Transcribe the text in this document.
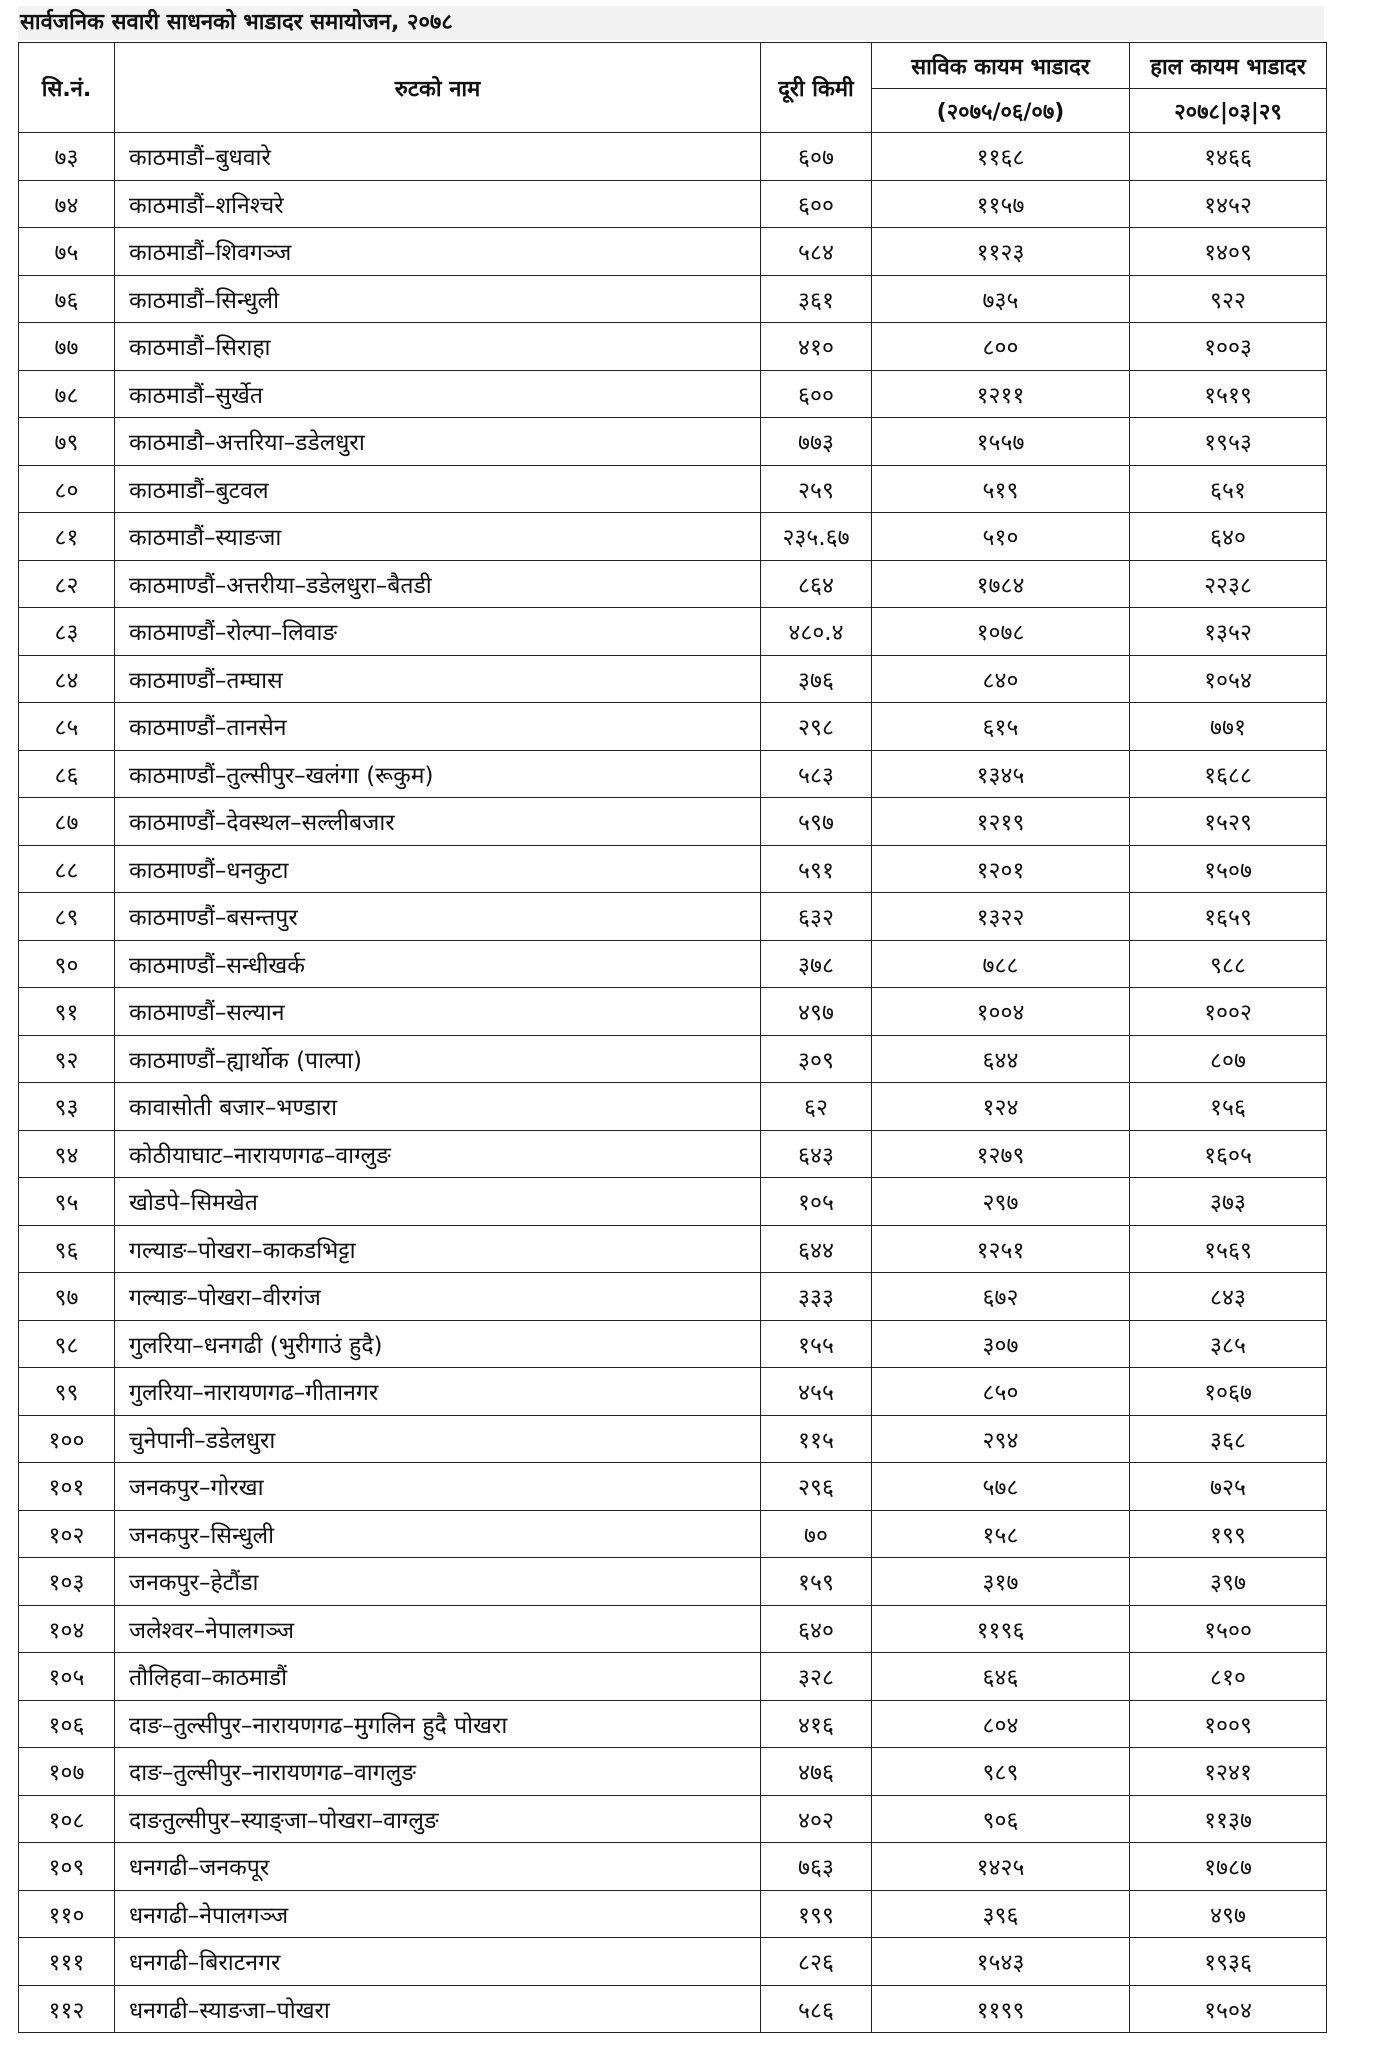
सार्वजनिक सवारी साधनको भाडादर समायोजन, २०७८
सि.नं.	रुटको नाम	दूरी किमी	साविक कायम भाडादर	हाल कायम भाडादर
			(२०७५/०६/०७)	२०७८|०३|२९
७३	काठमाडौं–बुधवारे	६०७	११६८	१४६६
७४	काठमाडौं–शनिश्चरे	६००	११५७	१४५२
७५	काठमाडौं–शिवगञ्ज	५८४	११२३	१४०९
७६	काठमाडौं–सिन्धुली	३६१	७३५	९२२
७७	काठमाडौं–सिराहा	४१०	८००	१००३
७८	काठमाडौं–सुर्खेत	६००	१२११	१५१९
७९	काठमाडौ–अत्तरिया–डडेलधुरा	७७३	१५५७	१९५३
८०	काठमाडौं–बुटवल	२५९	५१९	६५१
८१	काठमाडौं–स्याङजा	२३५.६७	५१०	६४०
८२	काठमाण्डौं–अत्तरीया–डडेलधुरा–बैतडी	८६४	१७८४	२२३८
८३	काठमाण्डौं–रोल्पा–लिवाङ	४८०.४	१०७८	१३५२
८४	काठमाण्डौं–तम्घास	३७६	८४०	१०५४
८५	काठमाण्डौं–तानसेन	२९८	६१५	७७१
८६	काठमाण्डौं–तुल्सीपुर–खलंगा (रूकुम)	५८३	१३४५	१६८८
८७	काठमाण्डौं–देवस्थल–सल्लीबजार	५९७	१२१९	१५२९
८८	काठमाण्डौं–धनकुटा	५९१	१२०१	१५०७
८९	काठमाण्डौं–बसन्तपुर	६३२	१३२२	१६५९
९०	काठमाण्डौं–सन्धीखर्क	३७८	७८८	९८८
९१	काठमाण्डौं–सल्यान	४९७	१००४	१००२
९२	काठमाण्डौं–ह्यार्थोक (पाल्पा)	३०९	६४४	८०७
९३	कावासोती बजार–भण्डारा	६२	१२४	१५६
९४	कोठीयाघाट–नारायणगढ–वाग्लुङ	६४३	१२७९	१६०५
९५	खोडपे–सिमखेत	१०५	२९७	३७३
९६	गल्याङ–पोखरा–काकडभिट्टा	६४४	१२५१	१५६९
९७	गल्याङ–पोखरा–वीरगंज	३३३	६७२	८४३
९८	गुलरिया–धनगढी (भुरीगाउं हुदै)	१५५	३०७	३८५
९९	गुलरिया–नारायणगढ–गीतानगर	४५५	८५०	१०६७
१००	चुनेपानी–डडेलधुरा	११५	२९४	३६८
१०१	जनकपुर–गोरखा	२९६	५७८	७२५
१०२	जनकपुर–सिन्धुली	७०	१५८	१९९
१०३	जनकपुर–हेटौंडा	१५९	३१७	३९७
१०४	जलेश्वर–नेपालगञ्ज	६४०	११९६	१५००
१०५	तौलिहवा–काठमाडौं	३२८	६४६	८१०
१०६	दाङ–तुल्सीपुर–नारायणगढ–मुगलिन हुदै पोखरा	४१६	८०४	१००९
१०७	दाङ–तुल्सीपुर–नारायणगढ–वागलुङ	४७६	९८९	१२४१
१०८	दाङतुल्सीपुर–स्याङ्जा–पोखरा–वाग्लुङ	४०२	९०६	११३७
१०९	धनगढी–जनकपूर	७६३	१४२५	१७८७
११०	धनगढी–नेपालगञ्ज	१९९	३९६	४९७
१११	धनगढी–बिराटनगर	८२६	१५४३	१९३६
११२	धनगढी–स्याङजा–पोखरा	५८६	११९९	१५०४
